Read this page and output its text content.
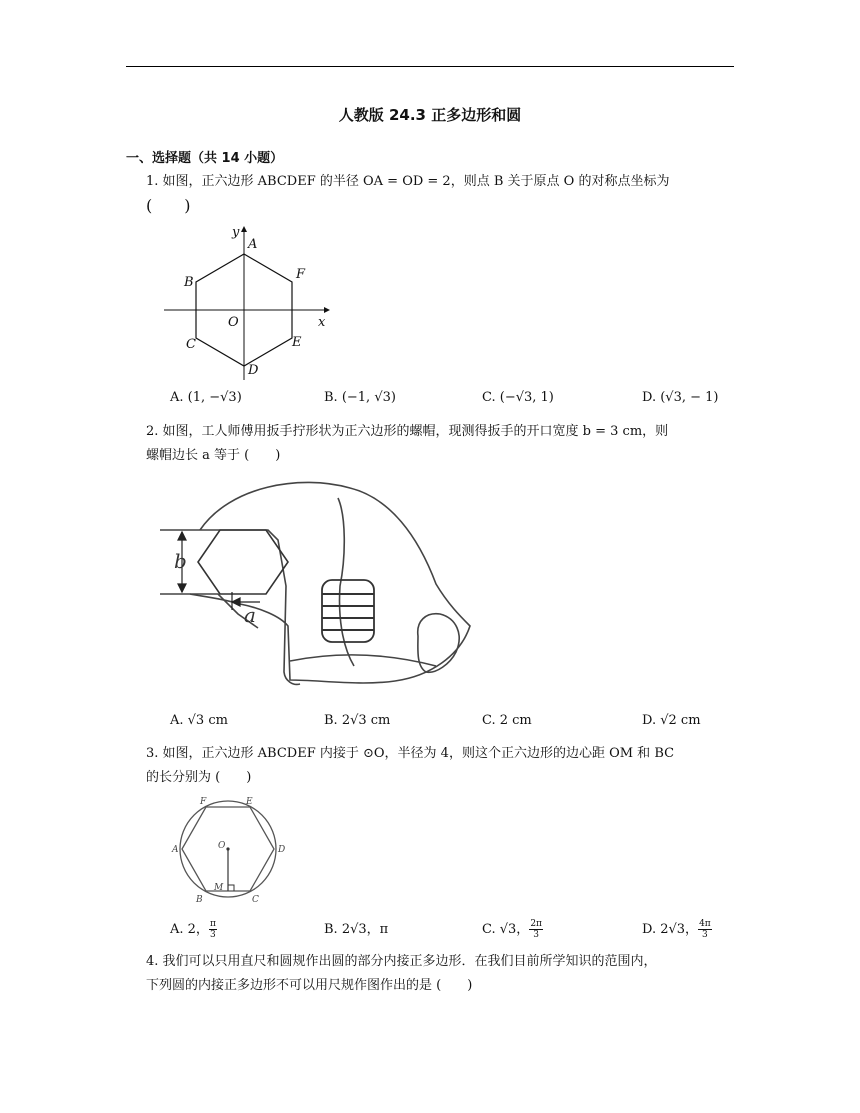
人教版 24.3 正多边形和圆
一、选择题（共 14 小题）
1. 如图，正六边形 ABCDEF 的半径 OA = OD = 2，则点 B 关于原点 O 的对称点坐标为
(　　)
A
F
B
O
C	E
D
x
y
A. (1, −√3)	B. (−1, √3)	C. (−√3, 1)	D. (√3, − 1)
2. 如图，工人师傅用扳手拧形状为正六边形的螺帽，现测得扳手的开口宽度 b = 3 cm，则
螺帽边长 a 等于 (　　)
b
a
A. √3 cm	B. 2√3 cm	C. 2 cm	D. √2 cm
3. 如图，正六边形 ABCDEF 内接于 ⊙O，半径为 4，则这个正六边形的边心距 OM 和 BC
的长分别为 (　　)
F	E
A	D
O
M
B	C
A. 2， $\frac{\pi}{3}$	B. 2√3，π	C. √3， $\frac{2\pi}{3}$	D. 2√3， $\frac{4\pi}{3}$
4. 我们可以只用直尺和圆规作出圆的部分内接正多边形．在我们目前所学知识的范围内，
下列圆的内接正多边形不可以用尺规作图作出的是 (　　)
